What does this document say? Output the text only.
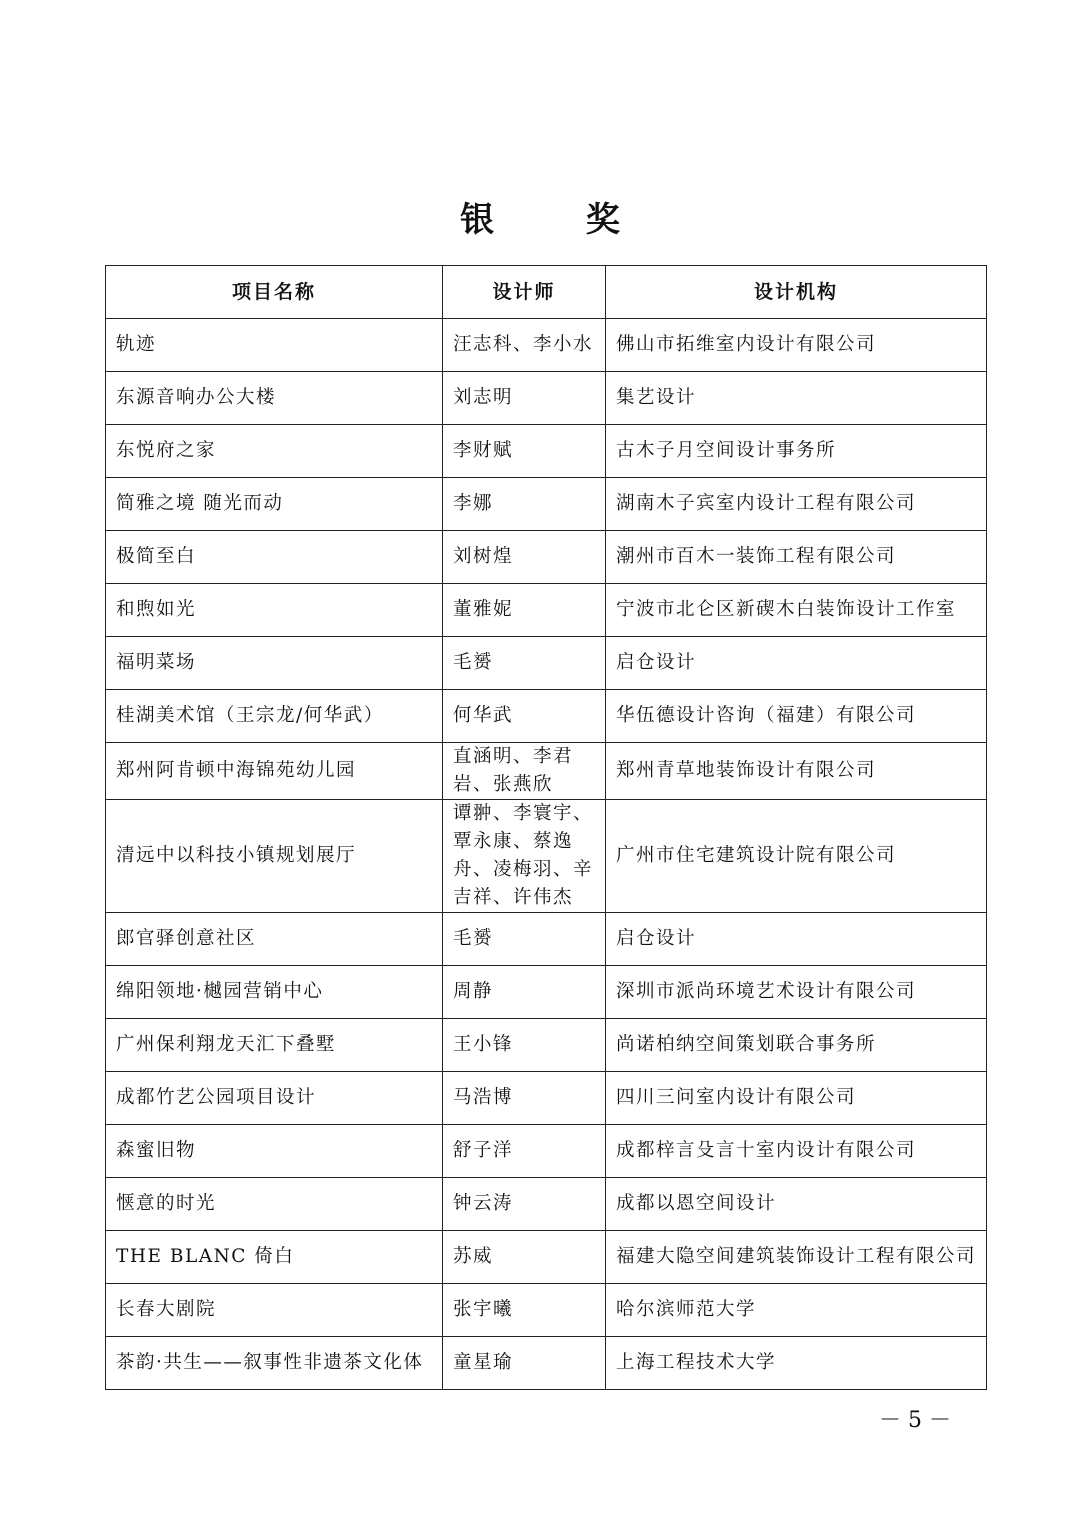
银 奖
项目名称	设计师	设计机构
轨迹	汪志科、李小水	佛山市拓维室内设计有限公司
东源音响办公大楼	刘志明	集艺设计
东悦府之家	李财赋	古木子月空间设计事务所
简雅之境 随光而动	李娜	湖南木子宾室内设计工程有限公司
极简至白	刘树煌	潮州市百木一装饰工程有限公司
和煦如光	董雅妮	宁波市北仑区新碶木白装饰设计工作室
福明菜场	毛赟	启仓设计
桂湖美术馆（王宗龙/何华武）	何华武	华伍德设计咨询（福建）有限公司
郑州阿肯顿中海锦苑幼儿园	直涵明、李君岩、张燕欣	郑州青草地装饰设计有限公司
清远中以科技小镇规划展厅	谭翀、李寰宇、覃永康、蔡逸舟、凌梅羽、辛吉祥、许伟杰	广州市住宅建筑设计院有限公司
郎官驿创意社区	毛赟	启仓设计
绵阳领地·樾园营销中心	周静	深圳市派尚环境艺术设计有限公司
广州保利翔龙天汇下叠墅	王小锋	尚诺柏纳空间策划联合事务所
成都竹艺公园项目设计	马浩博	四川三问室内设计有限公司
森蜜旧物	舒子洋	成都梓言殳言十室内设计有限公司
惬意的时光	钟云涛	成都以恩空间设计
THE BLANC 倚白	苏威	福建大隐空间建筑装饰设计工程有限公司
长春大剧院	张宇曦	哈尔滨师范大学
茶韵·共生——叙事性非遗茶文化体	童星瑜	上海工程技术大学
－ 5 －
